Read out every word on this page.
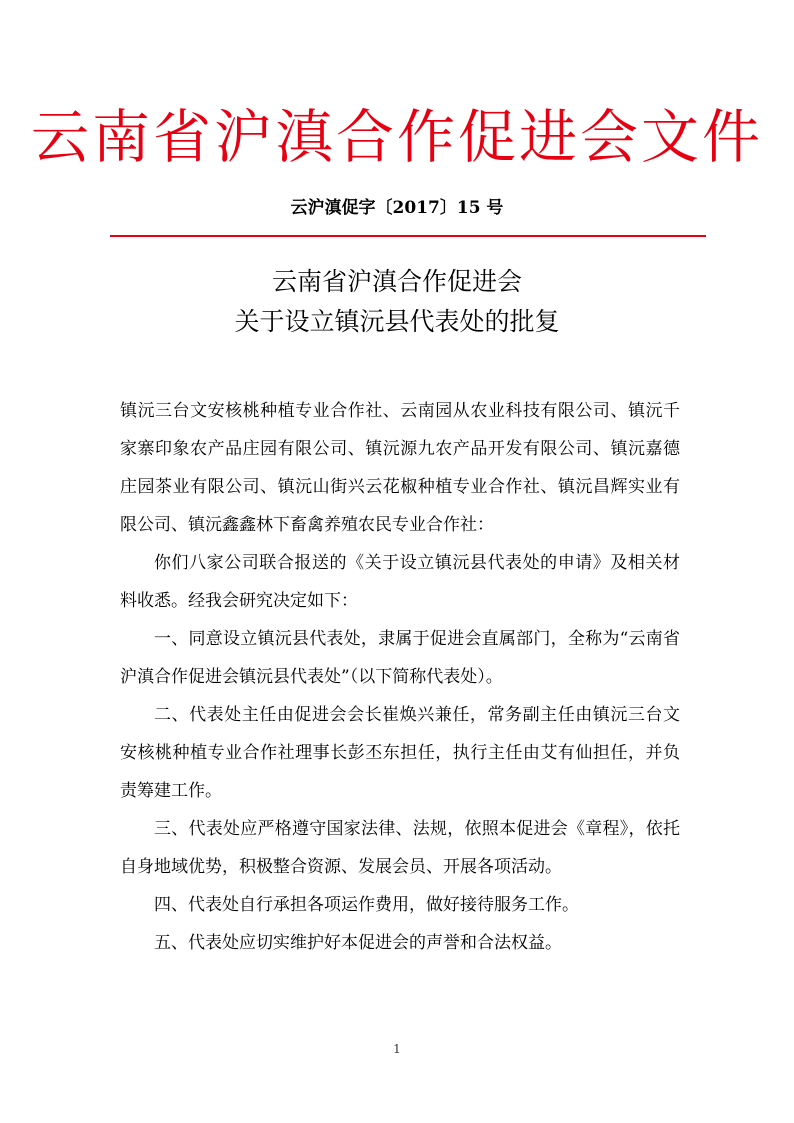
云南省沪滇合作促进会文件
云沪滇促字〔2017〕15 号
云南省沪滇合作促进会
关于设立镇沅县代表处的批复

镇沅三台文安核桃种植专业合作社、云南园从农业科技有限公司、镇沅千家寨印象农产品庄园有限公司、镇沅源九农产品开发有限公司、镇沅嘉德庄园茶业有限公司、镇沅山街兴云花椒种植专业合作社、镇沅昌辉实业有限公司、镇沅鑫鑫林下畜禽养殖农民专业合作社：

你们八家公司联合报送的《关于设立镇沅县代表处的申请》及相关材料收悉。经我会研究决定如下：

一、同意设立镇沅县代表处，隶属于促进会直属部门，全称为“云南省沪滇合作促进会镇沅县代表处”（以下简称代表处）。

二、代表处主任由促进会会长崔焕兴兼任，常务副主任由镇沅三台文安核桃种植专业合作社理事长彭丕东担任，执行主任由艾有仙担任，并负责筹建工作。

三、代表处应严格遵守国家法律、法规，依照本促进会《章程》，依托自身地域优势，积极整合资源、发展会员、开展各项活动。

四、代表处自行承担各项运作费用，做好接待服务工作。

五、代表处应切实维护好本促进会的声誉和合法权益。

1
